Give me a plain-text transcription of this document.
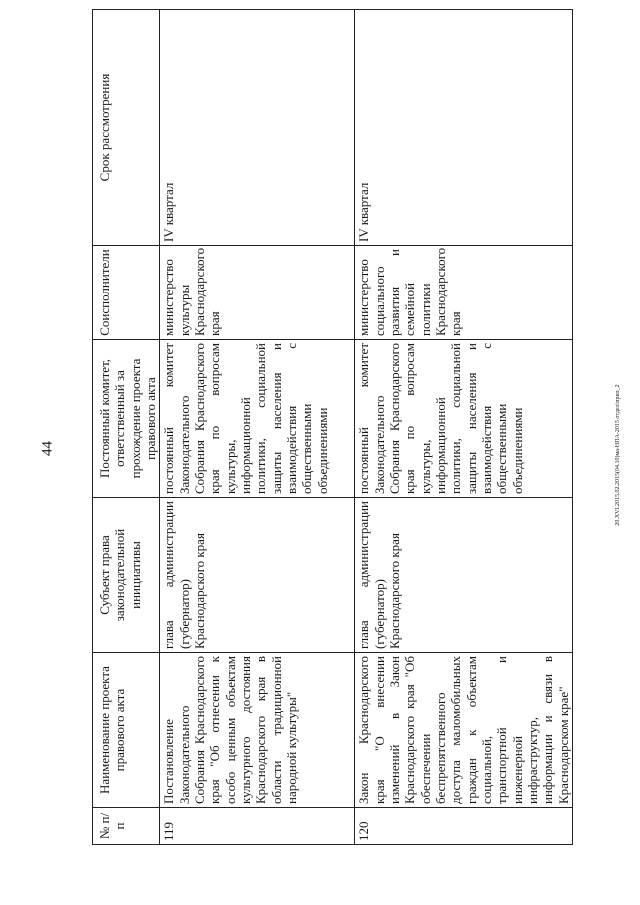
44	20.XVI.2015.02.2015(04.10)ма-НПА-2015 отдел\прил_2
№ п/п	Наименование проекта правового акта	Субъект права законодательной инициативы	Постоянный комитет, ответственный за прохождение проекта правового акта	Соисполнители	Срок рассмотрения
119	Постановление Законодательного Собрания Краснодарского края "Об отнесении к особо ценным объектам культурного достояния Краснодарского края в области традиционной народной культуры"	глава администрации (губернатор) Краснодарского края	постоянный комитет Законодательного Собрания Краснодарского края по вопросам культуры, информационной политики, социальной защиты населения и взаимодействия с общественными объединениями	министерство культуры Краснодарского края	IV квартал
120	Закон Краснодарского края "О внесении изменений в Закон Краснодарского края "Об обеспечении беспрепятственного доступа маломобильных граждан к объектам социальной, транспортной и инженерной инфраструктур, информации и связи в Краснодарском крае"	глава администрации (губернатор) Краснодарского края	постоянный комитет Законодательного Собрания Краснодарского края по вопросам культуры, информационной политики, социальной защиты населения и взаимодействия с общественными объединениями	министерство социального развития и семейной политики Краснодарского края	IV квартал
